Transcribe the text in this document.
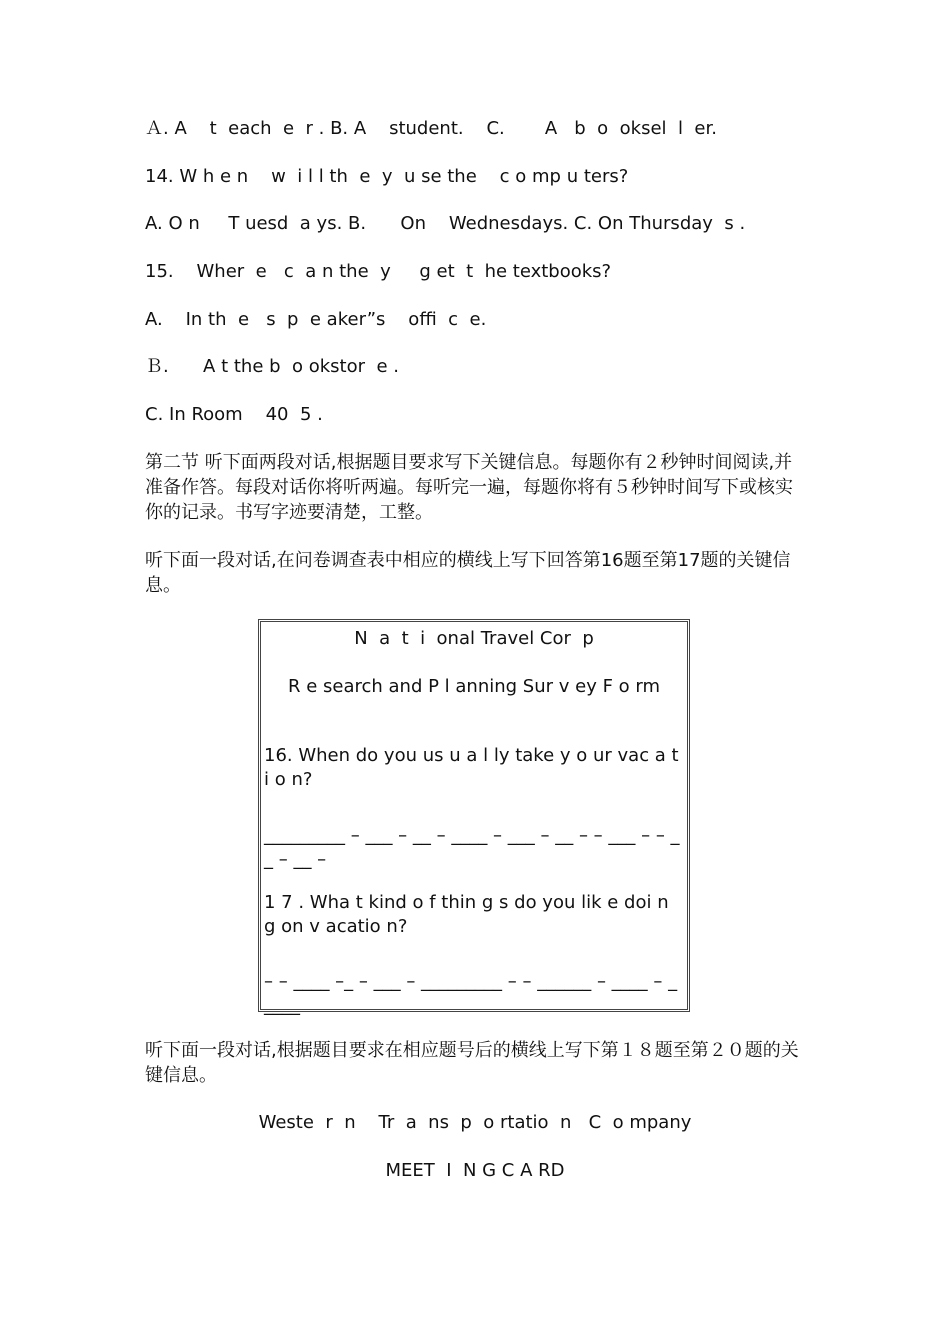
Ａ. A    t  each  e  r . B. A    student.    C.       A   b  o  oksel  l  er.
14. W h e n    w  i l l th  e  y  u se the    c o mp u ters?
A. O n     T uesd  a ys. B.      On    Wednesdays. C. On Thursday  s .
15.    Wher  e   c  a n the  y     g et  t  he textbooks?
A.    In th  e   s  p  e aker”s    offi  c  e.
Ｂ.      A t the b  o okstor  e .
C. In Room    40  5 .
第二节 听下面两段对话,根据题目要求写下关键信息。每题你有２秒钟时间阅读,并准备作答。每段对话你将听两遍。每听完一遍，每题你将有５秒钟时间写下或核实你的记录。书写字迹要清楚，工整。
听下面一段对话,在问卷调查表中相应的横线上写下回答第16题至第17题的关键信息。
N  a  t  i  onal Travel Cor  p
R e search and P l anning Sur v ey F o rm
16. When do you us u a l ly take y o ur vac a t i o n?
_________ – ___ – __ – ____ – ___ – __ – – ___ – – __ – __ –
1 7 . Wha t kind o f thin g s do you lik e doi n g on v acatio n?
– – ____ –_ – ___ – _________ – – ______ – ____ – _____
听下面一段对话,根据题目要求在相应题号后的横线上写下第１８题至第２０题的关键信息。
Weste  r  n    Tr  a  ns  p  o rtatio  n   C  o mpany
MEET  I  N G C A RD
